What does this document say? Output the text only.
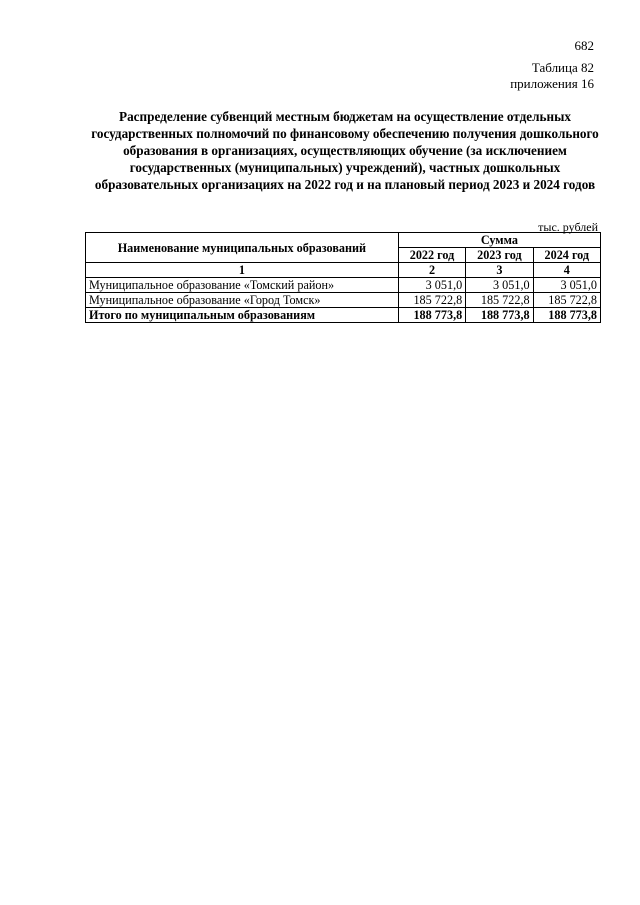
682
Таблица 82
приложения 16
Распределение субвенций местным бюджетам на осуществление отдельных государственных полномочий по финансовому обеспечению получения дошкольного образования в организациях, осуществляющих обучение (за исключением государственных (муниципальных) учреждений), частных дошкольных образовательных организациях на 2022 год и на плановый период 2023 и 2024 годов
тыс. рублей
Наименование муниципальных образований	Сумма		
	2022 год	2023 год	2024 год
1	2	3	4
Муниципальное образование «Томский район»	3 051,0	3 051,0	3 051,0
Муниципальное образование «Город Томск»	185 722,8	185 722,8	185 722,8
Итого по муниципальным образованиям	188 773,8	188 773,8	188 773,8
